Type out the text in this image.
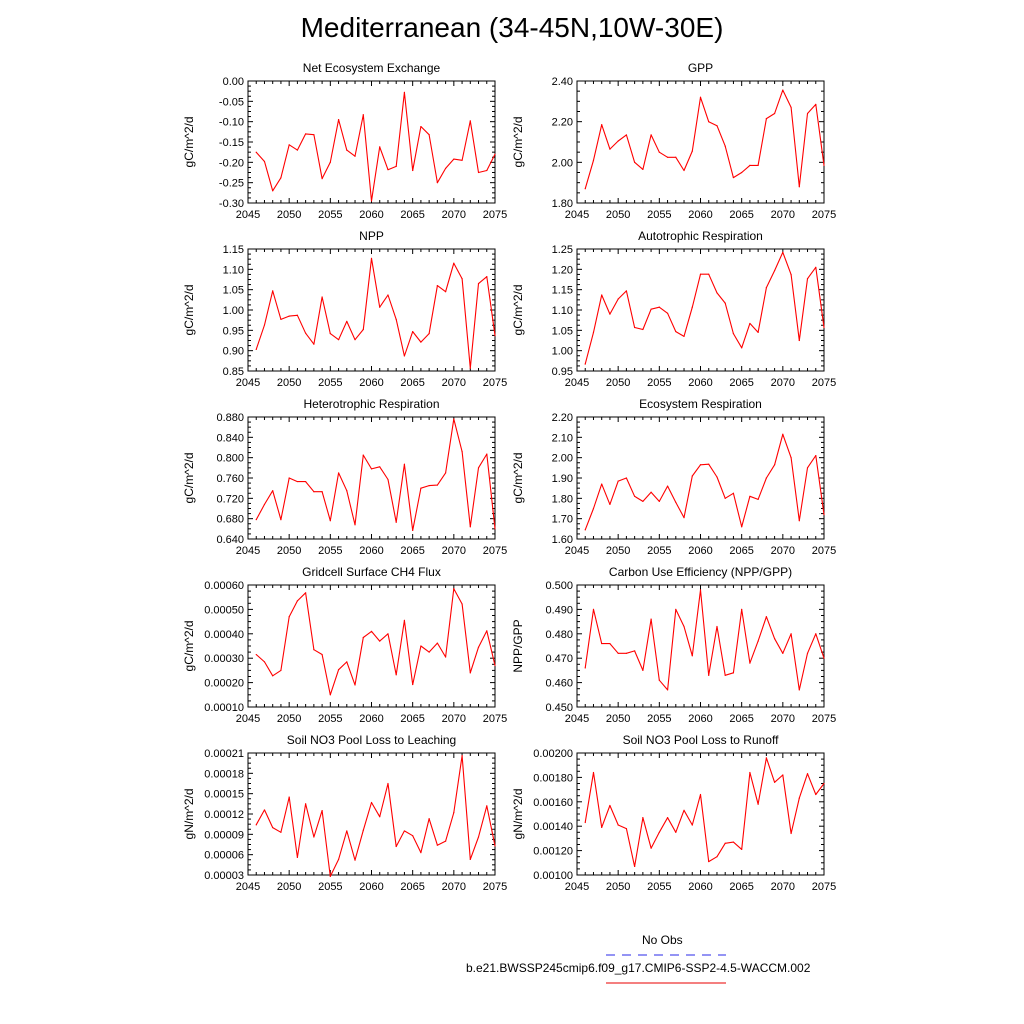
Mediterranean (34-45N,10W-30E)
Net Ecosystem Exchange
gC/m^2/d
2045 2050 2055 2060 2065 2070 2075
-0.30
-0.25
-0.20
-0.15
-0.10
-0.05
0.00
GPP
gC/m^2/d
2045 2050 2055 2060 2065 2070 2075
1.80
2.00
2.20
2.40
NPP
gC/m^2/d
2045 2050 2055 2060 2065 2070 2075
0.85
0.90
0.95
1.00
1.05
1.10
1.15
Autotrophic Respiration
gC/m^2/d
2045 2050 2055 2060 2065 2070 2075
0.95
1.00
1.05
1.10
1.15
1.20
1.25
Heterotrophic Respiration
gC/m^2/d
2045 2050 2055 2060 2065 2070 2075
0.640
0.680
0.720
0.760
0.800
0.840
0.880
Ecosystem Respiration
gC/m^2/d
2045 2050 2055 2060 2065 2070 2075
1.60
1.70
1.80
1.90
2.00
2.10
2.20
Gridcell Surface CH4 Flux
gC/m^2/d
2045 2050 2055 2060 2065 2070 2075
0.00010
0.00020
0.00030
0.00040
0.00050
0.00060
Carbon Use Efficiency (NPP/GPP)
NPP/GPP
2045 2050 2055 2060 2065 2070 2075
0.450
0.460
0.470
0.480
0.490
0.500
Soil NO3 Pool Loss to Leaching
gN/m^2/d
2045 2050 2055 2060 2065 2070 2075
0.00003
0.00006
0.00009
0.00012
0.00015
0.00018
0.00021
Soil NO3 Pool Loss to Runoff
gN/m^2/d
2045 2050 2055 2060 2065 2070 2075
0.00100
0.00120
0.00140
0.00160
0.00180
0.00200
No Obs
b.e21.BWSSP245cmip6.f09_g17.CMIP6-SSP2-4.5-WACCM.002
